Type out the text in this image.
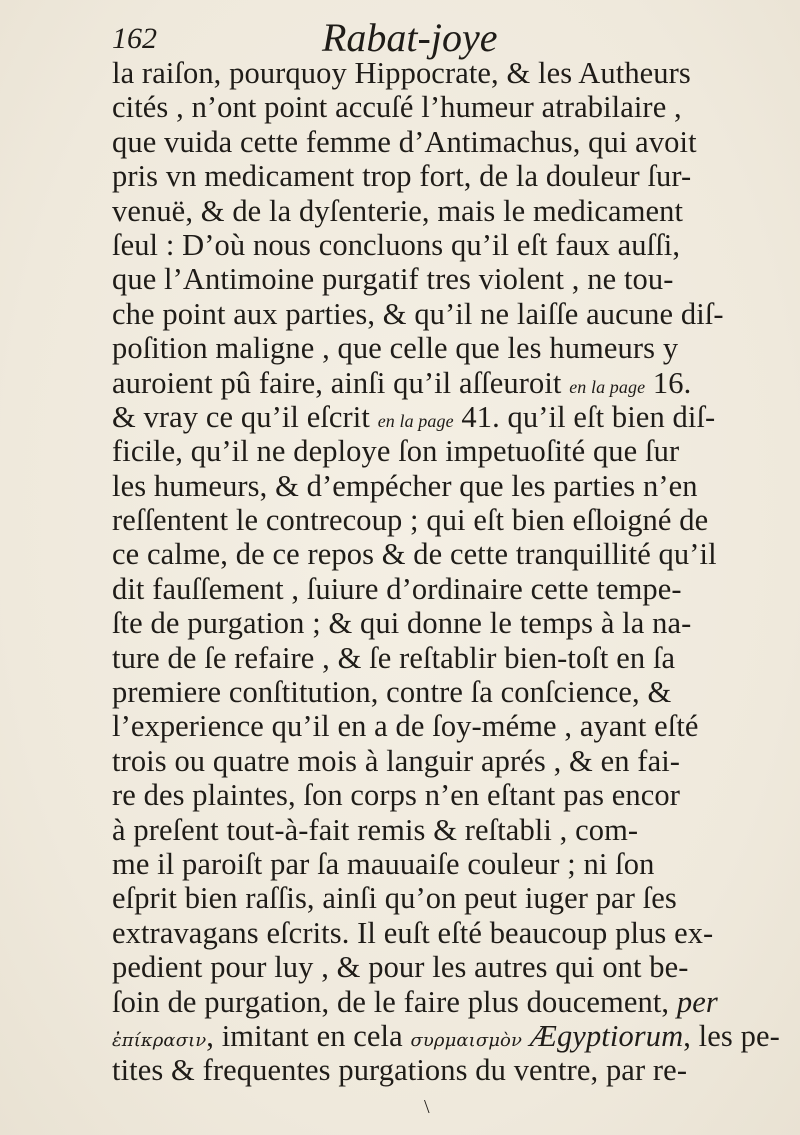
162	Rabat-joye
la raiſon, pourquoy Hippocrate, & les Autheurs
cités , n’ont point accuſé l’humeur atrabilaire ,
que vuida cette femme d’Antimachus, qui avoit
pris vn medicament trop fort, de la douleur ſur-
venuë, & de la dyſenterie, mais le medicament
ſeul : D’où nous concluons qu’il eſt faux auſſi,
que l’Antimoine purgatif tres violent , ne tou-
che point aux parties, & qu’il ne laiſſe aucune diſ-
poſition maligne , que celle que les humeurs y
auroient pû faire, ainſi qu’il aſſeuroit en la page 16.
& vray ce qu’il eſcrit en la page 41. qu’il eſt bien diſ-
ficile, qu’il ne deploye ſon impetuoſité que ſur
les humeurs, & d’empécher que les parties n’en
reſſentent le contrecoup ; qui eſt bien eſloigné de
ce calme, de ce repos & de cette tranquillité qu’il
dit fauſſement , ſuiure d’ordinaire cette tempe-
ſte de purgation ; & qui donne le temps à la na-
ture de ſe refaire , & ſe reſtablir bien-toſt en ſa
premiere conſtitution, contre ſa conſcience, &
l’experience qu’il en a de ſoy-méme , ayant eſté
trois ou quatre mois à languir aprés , & en fai-
re des plaintes, ſon corps n’en eſtant pas encor
à preſent tout-à-fait remis & reſtabli , com-
me il paroiſt par ſa mauuaiſe couleur ; ni ſon
eſprit bien raſſis, ainſi qu’on peut iuger par ſes
extravagans eſcrits. Il euſt eſté beaucoup plus ex-
pedient pour luy , & pour les autres qui ont be-
ſoin de purgation, de le faire plus doucement, per
ἐπίκρασιν, imitant en cela συρμαισμὸν Ægyptiorum, les pe-
tites & frequentes purgations du ventre, par re-
\
